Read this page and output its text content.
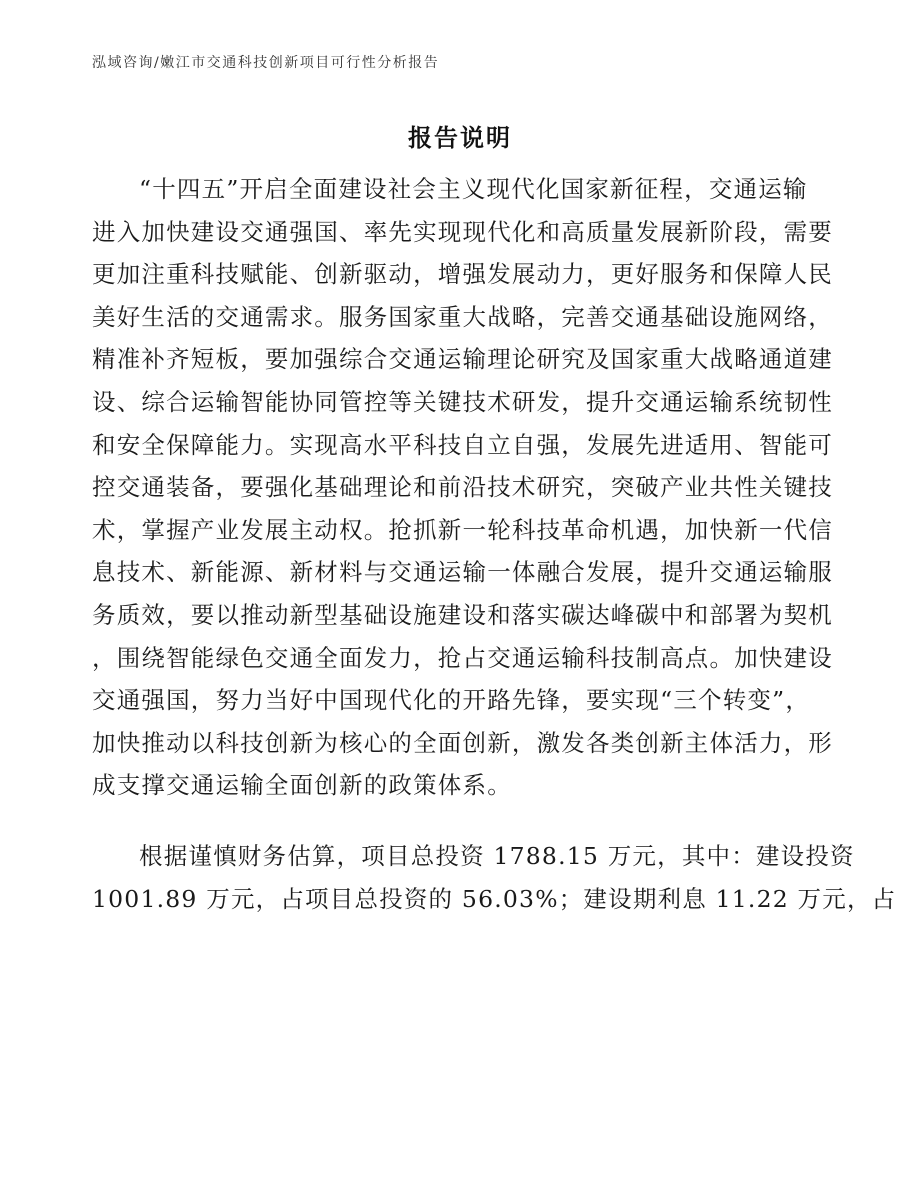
泓域咨询/嫩江市交通科技创新项目可行性分析报告
报告说明
“十四五”开启全面建设社会主义现代化国家新征程，交通运输
进入加快建设交通强国、率先实现现代化和高质量发展新阶段，需要
更加注重科技赋能、创新驱动，增强发展动力，更好服务和保障人民
美好生活的交通需求。服务国家重大战略，完善交通基础设施网络，
精准补齐短板，要加强综合交通运输理论研究及国家重大战略通道建
设、综合运输智能协同管控等关键技术研发，提升交通运输系统韧性
和安全保障能力。实现高水平科技自立自强，发展先进适用、智能可
控交通装备，要强化基础理论和前沿技术研究，突破产业共性关键技
术，掌握产业发展主动权。抢抓新一轮科技革命机遇，加快新一代信
息技术、新能源、新材料与交通运输一体融合发展，提升交通运输服
务质效，要以推动新型基础设施建设和落实碳达峰碳中和部署为契机
，围绕智能绿色交通全面发力，抢占交通运输科技制高点。加快建设
交通强国，努力当好中国现代化的开路先锋，要实现“三个转变”，
加快推动以科技创新为核心的全面创新，激发各类创新主体活力，形
成支撑交通运输全面创新的政策体系。
根据谨慎财务估算，项目总投资 1788.15 万元，其中：建设投资
1001.89 万元，占项目总投资的 56.03%；建设期利息 11.22 万元，占
